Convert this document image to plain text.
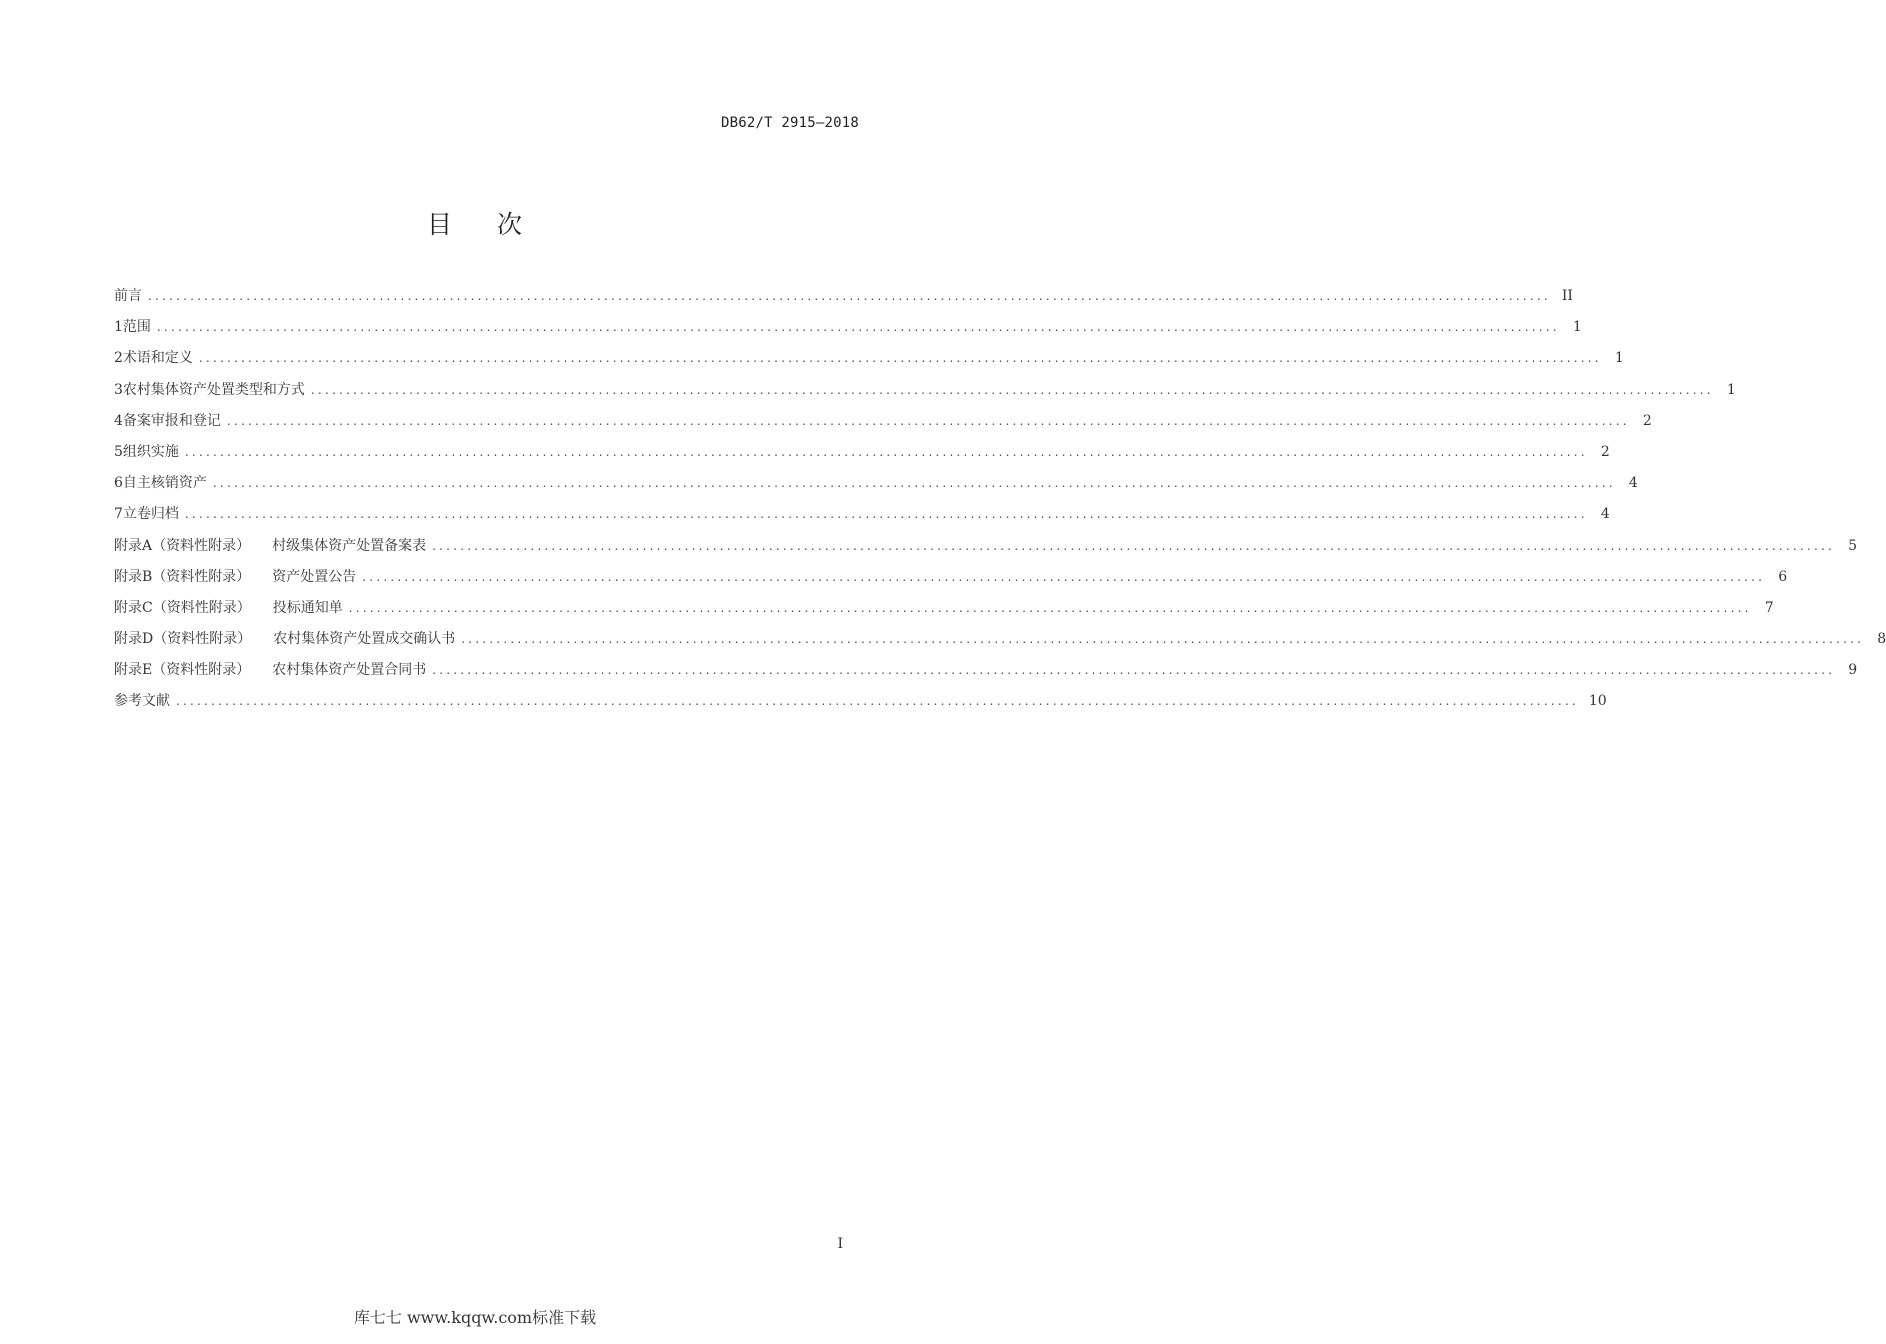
DB62/T 2915—2018
目 次
前言 ........................................................................................................................................................................................................ II
1 范围 ........................................................................................................................................................................................................ 1
2 术语和定义 ........................................................................................................................................................................................................ 1
3 农村集体资产处置类型和方式 ........................................................................................................................................................................................................ 1
4 备案审报和登记 ........................................................................................................................................................................................................ 2
5 组织实施 ........................................................................................................................................................................................................ 2
6 自主核销资产 ........................................................................................................................................................................................................ 4
7 立卷归档 ........................................................................................................................................................................................................ 4
附录A（资料性附录） 村级集体资产处置备案表 ........................................................................................................................................................................................................ 5
附录B（资料性附录） 资产处置公告 ........................................................................................................................................................................................................ 6
附录C（资料性附录） 投标通知单 ........................................................................................................................................................................................................ 7
附录D（资料性附录） 农村集体资产处置成交确认书 ........................................................................................................................................................................................................ 8
附录E（资料性附录） 农村集体资产处置合同书 ........................................................................................................................................................................................................ 9
参考文献 ........................................................................................................................................................................................................ 10
I
库七七 www.kqqw.com标准下载
